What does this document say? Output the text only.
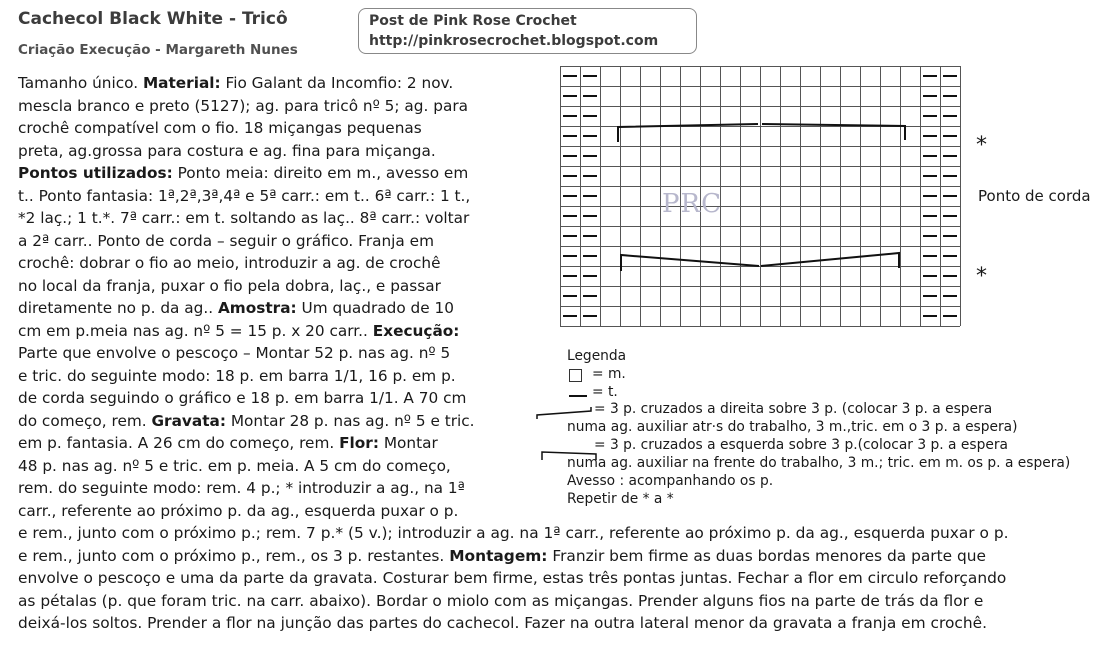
Cachecol Black White - Tricô
Criação Execução - Margareth Nunes
Post de Pink Rose Crochet
http://pinkrosecrochet.blogspot.com
Tamanho único. Material: Fio Galant da Incomfio: 2 nov.
mescla branco e preto (5127); ag. para tricô nº 5; ag. para
crochê compatível com o fio. 18 miçangas pequenas
preta, ag.grossa para costura e ag. fina para miçanga.
Pontos utilizados: Ponto meia: direito em m., avesso em
t.. Ponto fantasia: 1ª,2ª,3ª,4ª e 5ª carr.: em t.. 6ª carr.: 1 t.,
*2 laç.; 1 t.*. 7ª carr.: em t. soltando as laç.. 8ª carr.: voltar
a 2ª carr.. Ponto de corda – seguir o gráfico. Franja em
crochê: dobrar o fio ao meio, introduzir a ag. de crochê
no local da franja, puxar o fio pela dobra, laç., e passar
diretamente no p. da ag.. Amostra: Um quadrado de 10
cm em p.meia nas ag. nº 5 = 15 p. x 20 carr.. Execução:
Parte que envolve o pescoço – Montar 52 p. nas ag. nº 5
e tric. do seguinte modo: 18 p. em barra 1/1, 16 p. em p.
de corda seguindo o gráfico e 18 p. em barra 1/1. A 70 cm
do começo, rem. Gravata: Montar 28 p. nas ag. nº 5 e tric.
em p. fantasia. A 26 cm do começo, rem. Flor: Montar
48 p. nas ag. nº 5 e tric. em p. meia. A 5 cm do começo,
rem. do seguinte modo: rem. 4 p.; * introduzir a ag., na 1ª
carr., referente ao próximo p. da ag., esquerda puxar o p.
e rem., junto com o próximo p.; rem. 7 p.* (5 v.); introduzir a ag. na 1ª carr., referente ao próximo p. da ag., esquerda puxar o p.
e rem., junto com o próximo p., rem., os 3 p. restantes. Montagem: Franzir bem firme as duas bordas menores da parte que
envolve o pescoço e uma da parte da gravata. Costurar bem firme, estas três pontas juntas. Fechar a flor em circulo reforçando
as pétalas (p. que foram tric. na carr. abaixo). Bordar o miolo com as miçangas. Prender alguns fios na parte de trás da flor e
deixá-los soltos. Prender a flor na junção das partes do cachecol. Fazer na outra lateral menor da gravata a franja em crochê.
PRC
*
*
Ponto de corda
Legenda
= m.
= t.
= 3 p. cruzados a direita sobre 3 p. (colocar 3 p. a espera
numa ag. auxiliar atr·s do trabalho, 3 m.,tric. em o 3 p. a espera)
= 3 p. cruzados a esquerda sobre 3 p.(colocar 3 p. a espera
numa ag. auxiliar na frente do trabalho, 3 m.; tric. em m. os p. a espera)
Avesso : acompanhando os p.
Repetir de * a *
